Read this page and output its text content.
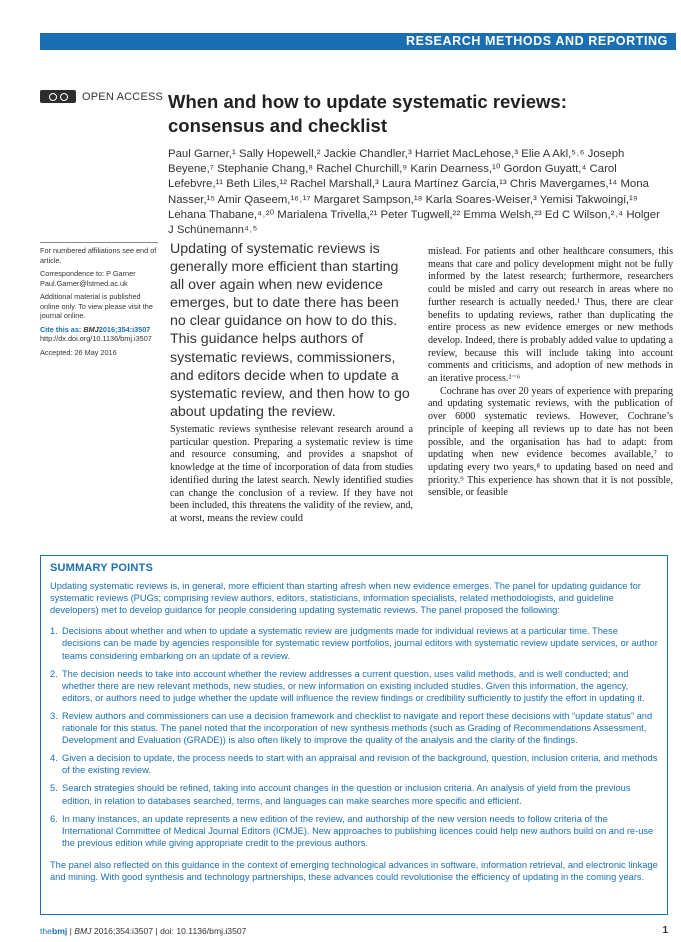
RESEARCH METHODS AND REPORTING
OPEN ACCESS When and how to update systematic reviews: consensus and checklist
Paul Garner,¹ Sally Hopewell,² Jackie Chandler,³ Harriet MacLehose,³ Elie A Akl,⁵˒⁶ Joseph Beyene,⁷ Stephanie Chang,⁸ Rachel Churchill,⁹ Karin Dearness,¹⁰ Gordon Guyatt,⁴ Carol Lefebvre,¹¹ Beth Liles,¹² Rachel Marshall,³ Laura Martínez García,¹³ Chris Mavergames,¹⁴ Mona Nasser,¹⁵ Amir Qaseem,¹⁶˒¹⁷ Margaret Sampson,¹⁸ Karla Soares-Weiser,³ Yemisi Takwoingi,¹⁹ Lehana Thabane,⁴˒²⁰ Marialena Trivella,²¹ Peter Tugwell,²² Emma Welsh,²³ Ed C Wilson,²˒⁴ Holger J Schünemann⁴˒⁵

For numbered affiliations see end of article.

Correspondence to: P Garner Paul.Garner@lstmed.ac.uk

Additional material is published online only. To view please visit the journal online.

Cite this as: BMJ2016;354:i3507

http://dx.doi.org/10.1136/bmj.i3507

Accepted: 26 May 2016

Updating of systematic reviews is generally more efficient than starting all over again when new evidence emerges, but to date there has been no clear guidance on how to do this. This guidance helps authors of systematic reviews, commissioners, and editors decide when to update a systematic review, and then how to go about updating the review.

Systematic reviews synthesise relevant research around a particular question. Preparing a systematic review is time and resource consuming, and provides a snapshot of knowledge at the time of incorporation of data from studies identified during the latest search. Newly identified studies can change the conclusion of a review. If they have not been included, this threatens the validity of the review, and, at worst, means the review could

mislead. For patients and other healthcare consumers, this means that care and policy development might not be fully informed by the latest research; furthermore, researchers could be misled and carry out research in areas where no further research is actually needed.¹ Thus, there are clear benefits to updating reviews, rather than duplicating the entire process as new evidence emerges or new methods develop. Indeed, there is probably added value to updating a review, because this will include taking into account comments and criticisms, and adoption of new methods in an iterative process.²⁻⁶

Cochrane has over 20 years of experience with preparing and updating systematic reviews, with the publication of over 6000 systematic reviews. However, Cochrane’s principle of keeping all reviews up to date has not been possible, and the organisation has had to adapt: from updating when new evidence becomes available,⁷ to updating every two years,⁸ to updating based on need and priority.⁹ This experience has shown that it is not possible, sensible, or feasible

SUMMARY POINTS

Updating systematic reviews is, in general, more efficient than starting afresh when new evidence emerges. The panel for updating guidance for systematic reviews (PUGs; comprising review authors, editors, statisticians, information specialists, related methodologists, and guideline developers) met to develop guidance for people considering updating systematic reviews. The panel proposed the following:

1. Decisions about whether and when to update a systematic review are judgments made for individual reviews at a particular time. These decisions can be made by agencies responsible for systematic review portfolios, journal editors with systematic review update services, or author teams considering embarking on an update of a review.
2. The decision needs to take into account whether the review addresses a current question, uses valid methods, and is well conducted; and whether there are new relevant methods, new studies, or new information on existing included studies. Given this information, the agency, editors, or authors need to judge whether the update will influence the review findings or credibility sufficiently to justify the effort in updating it.
3. Review authors and commissioners can use a decision framework and checklist to navigate and report these decisions with “update status” and rationale for this status. The panel noted that the incorporation of new synthesis methods (such as Grading of Recommendations Assessment, Development and Evaluation (GRADE)) is also often likely to improve the quality of the analysis and the clarity of the findings.
4. Given a decision to update, the process needs to start with an appraisal and revision of the background, question, inclusion criteria, and methods of the existing review.
5. Search strategies should be refined, taking into account changes in the question or inclusion criteria. An analysis of yield from the previous edition, in relation to databases searched, terms, and languages can make searches more specific and efficient.
6. In many instances, an update represents a new edition of the review, and authorship of the new version needs to follow criteria of the International Committee of Medical Journal Editors (ICMJE). New approaches to publishing licences could help new authors build on and re-use the previous edition while giving appropriate credit to the previous authors.

The panel also reflected on this guidance in the context of emerging technological advances in software, information retrieval, and electronic linkage and mining. With good synthesis and technology partnerships, these advances could revolutionise the efficiency of updating in the coming years.

thebmj | BMJ 2016;354:i3507 | doi: 10.1136/bmj.i3507	1
